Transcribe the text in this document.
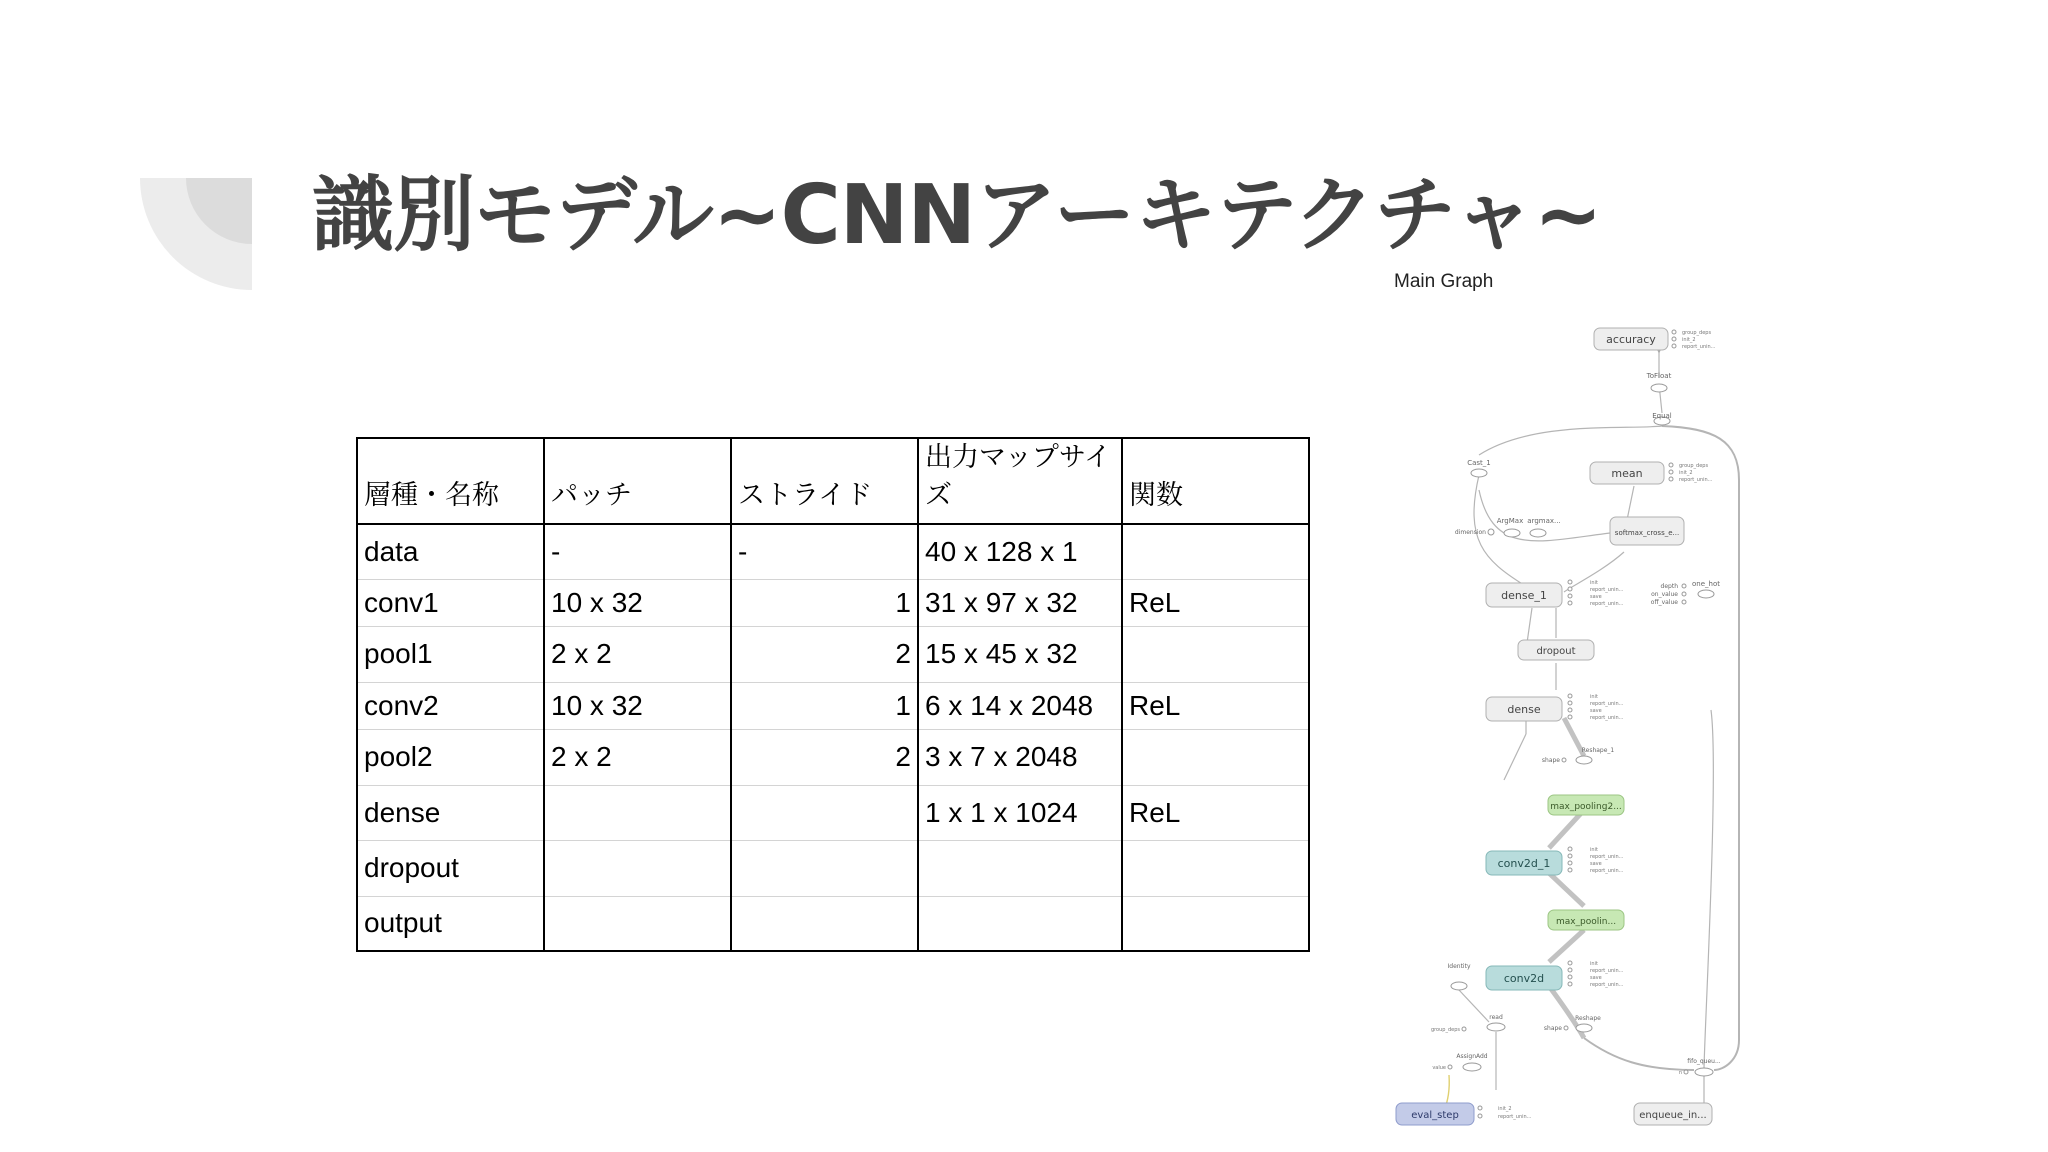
識別モデル~CNNアーキテクチャ~
層種・名称	パッチ	ストライド	出力マップサイズ	関数
data	-	-	40 x 128 x 1	
conv1	10 x 32	1	31 x 97 x 32	ReL
pool1	2 x 2	2	15 x 45 x 32	
conv2	10 x 32	1	6 x 14 x 2048	ReL
pool2	2 x 2	2	3 x 7 x 2048	
dense			1 x 1 x 1024	ReL
dropout				
output				
Main Graph
accuracy	group_deps
init_2
report_unin...
ToFloat
Equal
Cast_1
mean
group_deps
init_2
report_unin...
ArgMax argmax...
dimension	softmax_cross_e...
dense_1
init
report_unin...
save
report_unin...
one_hot
depth
on_value
off_value
dropout
dense
init
report_unin...
save
report_unin...
Reshape_1
shape
max_pooling2...
conv2d_1
init
report_unin...
save
report_unin...
max_poolin...
conv2d
init
report_unin...
save
report_unin...
Identity
read
group_deps
Reshape
shape
AssignAdd
value
fifo_queu...
n
eval_step
init_2
report_unin...	enqueue_in...
